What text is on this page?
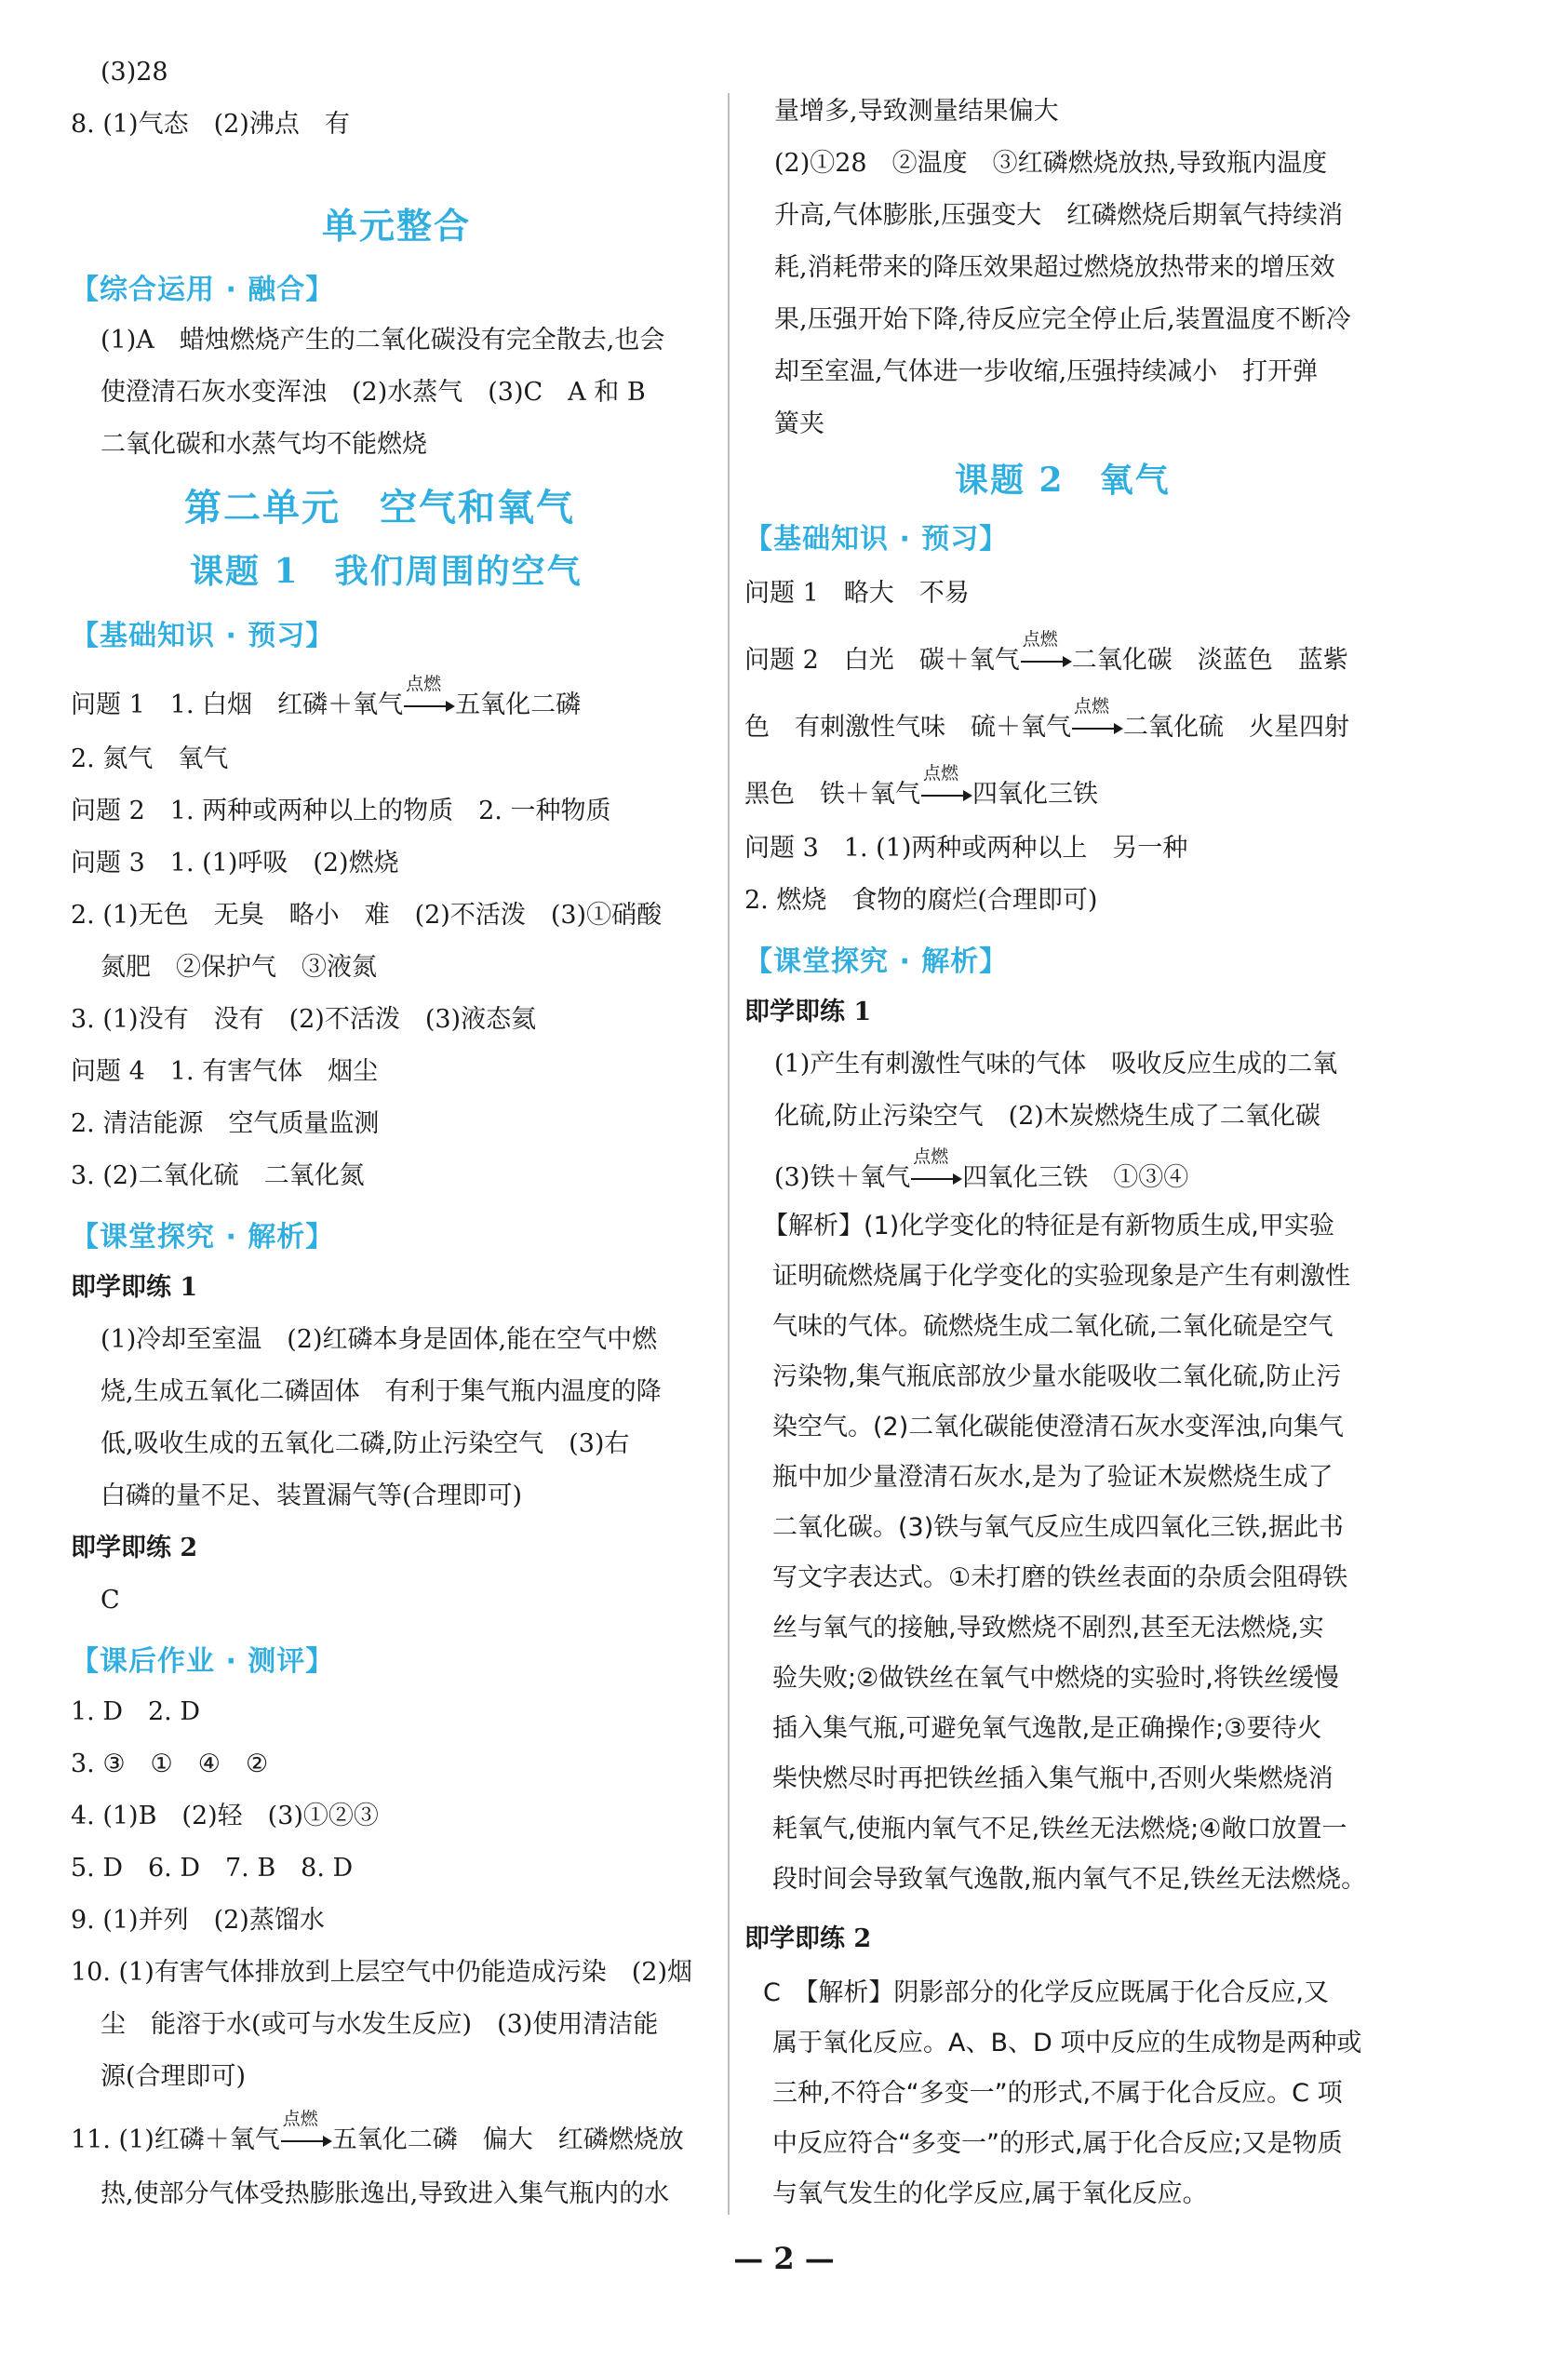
(3)28
8. (1)气态　(2)沸点　有
单元整合
【综合运用 · 融合】
(1)A　蜡烛燃烧产生的二氧化碳没有完全散去,也会
使澄清石灰水变浑浊　(2)水蒸气　(3)C　A 和 B
二氧化碳和水蒸气均不能燃烧
第二单元　空气和氧气
课题 1　我们周围的空气
【基础知识 · 预习】
问题 1　1. 白烟　红磷＋氧气
点燃
五氧化二磷
2. 氮气　氧气
问题 2　1. 两种或两种以上的物质　2. 一种物质
问题 3　1. (1)呼吸　(2)燃烧
2. (1)无色　无臭　略小　难　(2)不活泼　(3)①硝酸
氮肥　②保护气　③液氮
3. (1)没有　没有　(2)不活泼　(3)液态氦
问题 4　1. 有害气体　烟尘
2. 清洁能源　空气质量监测
3. (2)二氧化硫　二氧化氮
【课堂探究 · 解析】
即学即练 1
(1)冷却至室温　(2)红磷本身是固体,能在空气中燃
烧,生成五氧化二磷固体　有利于集气瓶内温度的降
低,吸收生成的五氧化二磷,防止污染空气　(3)右
白磷的量不足、装置漏气等(合理即可)
即学即练 2
C
【课后作业 · 测评】
1. D　2. D
3. ③　①　④　②
4. (1)B　(2)轻　(3)①②③
5. D　6. D　7. B　8. D
9. (1)并列　(2)蒸馏水
10. (1)有害气体排放到上层空气中仍能造成污染　(2)烟
尘　能溶于水(或可与水发生反应)　(3)使用清洁能
源(合理即可)
11. (1)红磷＋氧气
点燃
五氧化二磷　偏大　红磷燃烧放
热,使部分气体受热膨胀逸出,导致进入集气瓶内的水
量增多,导致测量结果偏大
(2)①28　②温度　③红磷燃烧放热,导致瓶内温度
升高,气体膨胀,压强变大　红磷燃烧后期氧气持续消
耗,消耗带来的降压效果超过燃烧放热带来的增压效
果,压强开始下降,待反应完全停止后,装置温度不断冷
却至室温,气体进一步收缩,压强持续减小　打开弹
簧夹
课题 2　氧气
【基础知识 · 预习】
问题 1　略大　不易
问题 2　白光　碳＋氧气
点燃
二氧化碳　淡蓝色　蓝紫
色　有刺激性气味　硫＋氧气
点燃
二氧化硫　火星四射
黑色　铁＋氧气
点燃
四氧化三铁
问题 3　1. (1)两种或两种以上　另一种
2. 燃烧　食物的腐烂(合理即可)
【课堂探究 · 解析】
即学即练 1
(1)产生有刺激性气味的气体　吸收反应生成的二氧
化硫,防止污染空气　(2)木炭燃烧生成了二氧化碳
(3)铁＋氧气
点燃
四氧化三铁　①③④
【解析】(1)化学变化的特征是有新物质生成,甲实验
证明硫燃烧属于化学变化的实验现象是产生有刺激性
气味的气体。硫燃烧生成二氧化硫,二氧化硫是空气
污染物,集气瓶底部放少量水能吸收二氧化硫,防止污
染空气。(2)二氧化碳能使澄清石灰水变浑浊,向集气
瓶中加少量澄清石灰水,是为了验证木炭燃烧生成了
二氧化碳。(3)铁与氧气反应生成四氧化三铁,据此书
写文字表达式。①未打磨的铁丝表面的杂质会阻碍铁
丝与氧气的接触,导致燃烧不剧烈,甚至无法燃烧,实
验失败;②做铁丝在氧气中燃烧的实验时,将铁丝缓慢
插入集气瓶,可避免氧气逸散,是正确操作;③要待火
柴快燃尽时再把铁丝插入集气瓶中,否则火柴燃烧消
耗氧气,使瓶内氧气不足,铁丝无法燃烧;④敞口放置一
段时间会导致氧气逸散,瓶内氧气不足,铁丝无法燃烧。
即学即练 2
C　【解析】阴影部分的化学反应既属于化合反应,又
属于氧化反应。A、B、D 项中反应的生成物是两种或
三种,不符合“多变一”的形式,不属于化合反应。C 项
中反应符合“多变一”的形式,属于化合反应;又是物质
与氧气发生的化学反应,属于氧化反应。
— 2 —
